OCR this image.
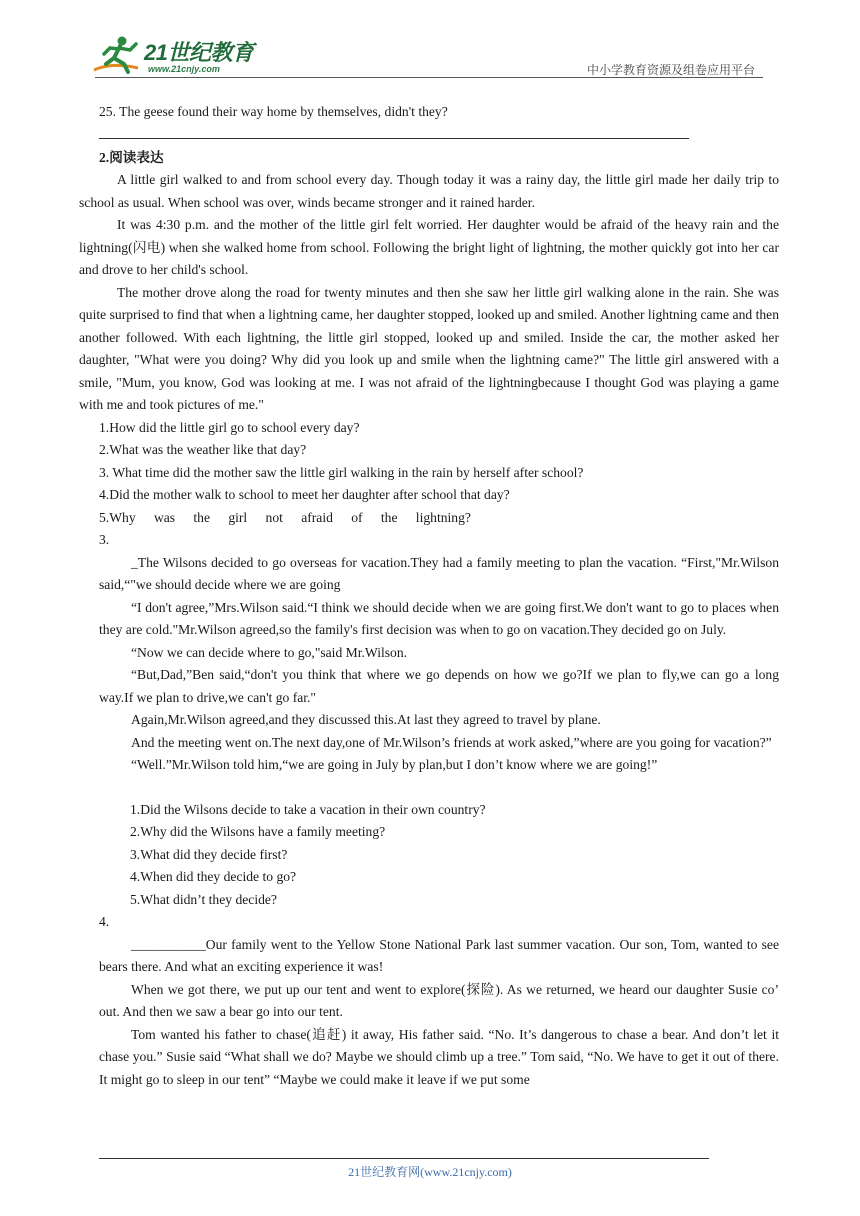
21世纪教育
www.21cnjy.com	中小学教育资源及组卷应用平台

25. The geese found their way home by themselves, didn't they?

2.阅读表达

A little girl walked to and from school every day. Though today it was a rainy day, the little girl made her daily trip to school as usual. When school was over, winds became stronger and it rained harder.

It was 4:30 p.m. and the mother of the little girl felt worried. Her daughter would be afraid of the heavy rain and the lightning(闪电) when she walked home from school. Following the bright light of lightning, the mother quickly got into her car and drove to her child's school.

The mother drove along the road for twenty minutes and then she saw her little girl walking alone in the rain. She was quite surprised to find that when a lightning came, her daughter stopped, looked up and smiled. Another lightning came and then another followed. With each lightning, the little girl stopped, looked up and smiled. Inside the car, the mother asked her daughter, "What were you doing? Why did you look up and smile when the lightning came?" The little girl answered with a smile, "Mum, you know, God was looking at me. I was not afraid of the lightningbecause I thought God was playing a game with me and took pictures of me."

1.How did the little girl go to school every day?

2.What was the weather like that day?

3. What time did the mother saw the little girl walking in the rain by herself after school?

4.Did the mother walk to school to meet her daughter after school that day?

5.Why was the girl not afraid of the lightning?

3.

_The Wilsons decided to go overseas for vacation.They had a family meeting to plan the vacation. “First,"Mr.Wilson said,“"we should decide where we are going

“I don't agree,”Mrs.Wilson said.“I think we should decide when we are going first.We don't want to go to places when they are cold."Mr.Wilson agreed,so the family's first decision was when to go on vacation.They decided go on July.

“Now we can decide where to go,"said Mr.Wilson.

“But,Dad,”Ben said,“don't you think that where we go depends on how we go?If we plan to fly,we can go a long way.If we plan to drive,we can't go far."

Again,Mr.Wilson agreed,and they discussed this.At last they agreed to travel by plane.

And the meeting went on.The next day,one of Mr.Wilson’s friends at work asked,”where are you going for vacation?”

“Well.”Mr.Wilson told him,“we are going in July by plan,but I don’t know where we are going!”

1.Did the Wilsons decide to take a vacation in their own country?

2.Why did the Wilsons have a family meeting?

3.What did they decide first?

4.When did they decide to go?

5.What didn’t they decide?

4.

___________Our family went to the Yellow Stone National Park last summer vacation. Our son, Tom, wanted to see bears there. And what an exciting experience it was!

When we got there, we put up our tent and went to explore(探险). As we returned, we heard our daughter Susie co’ out. And then we saw a bear go into our tent.

Tom wanted his father to chase(追赶) it away, His father said. “No. It’s dangerous to chase a bear. And don’t let it chase you.” Susie said “What shall we do? Maybe we should climb up a tree.” Tom said, “No. We have to get it out of there. It might go to sleep in our tent” “Maybe we could make it leave if we put some

21世纪教育网(www.21cnjy.com)
